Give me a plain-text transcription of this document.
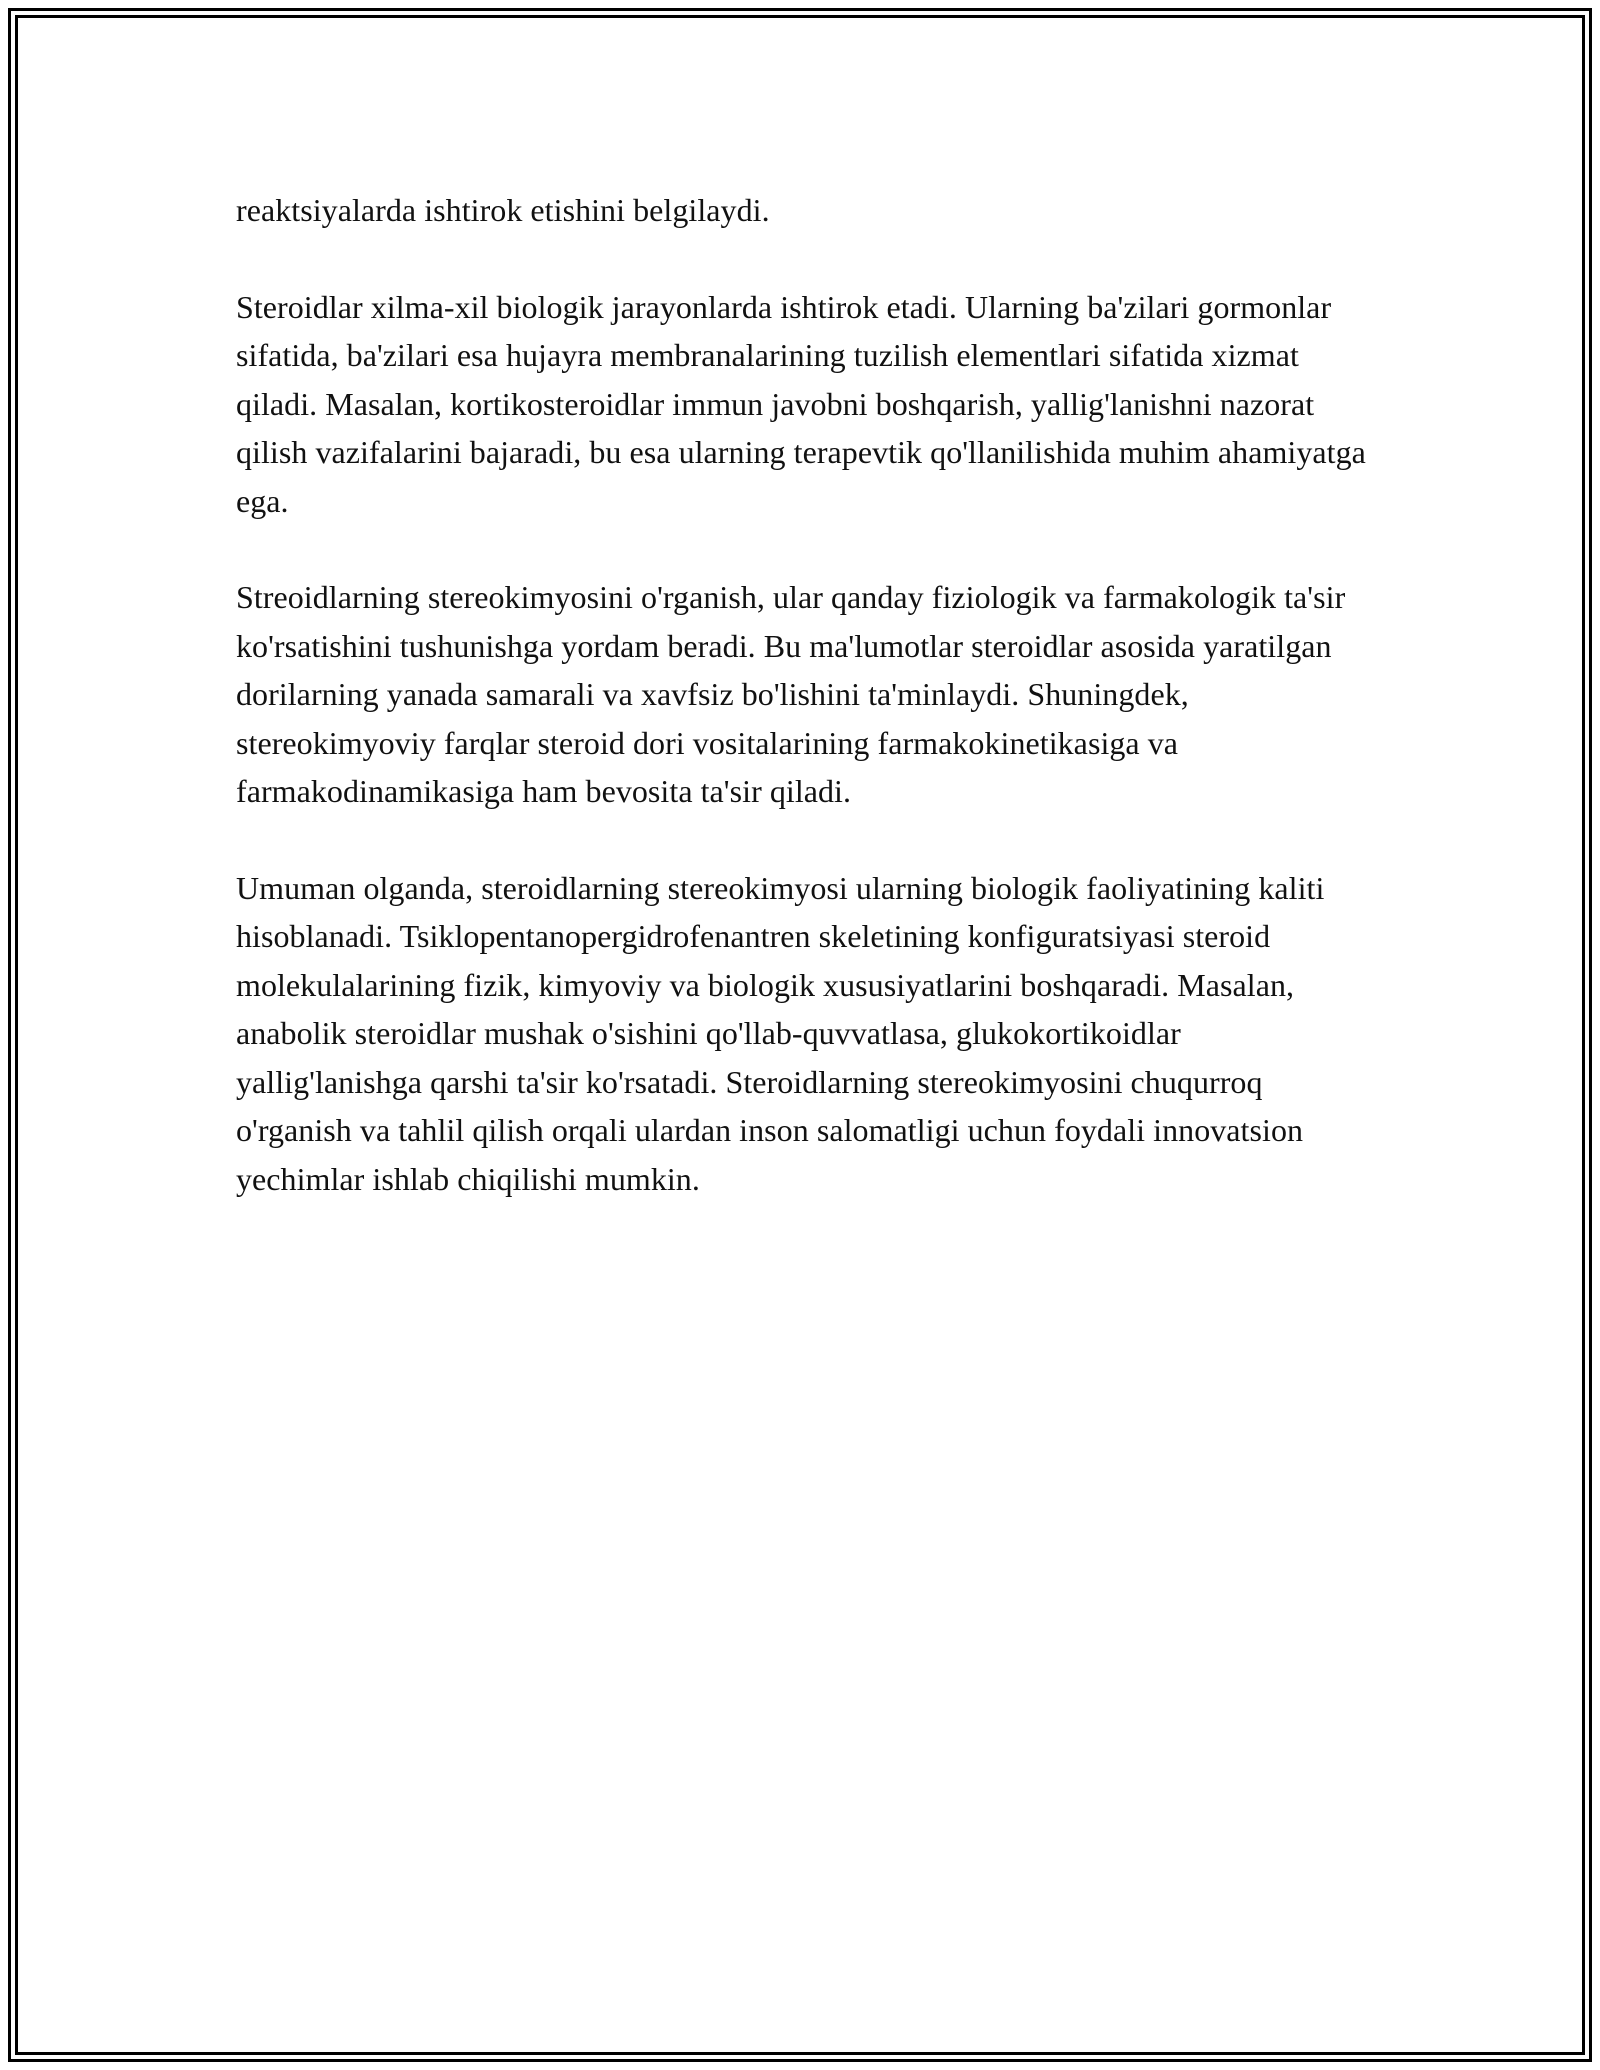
reaktsiyalarda ishtirok etishini belgilaydi.

Steroidlar xilma-xil biologik jarayonlarda ishtirok etadi. Ularning ba'zilari gormonlar sifatida, ba'zilari esa hujayra membranalarining tuzilish elementlari sifatida xizmat qiladi. Masalan, kortikosteroidlar immun javobni boshqarish, yallig'lanishni nazorat qilish vazifalarini bajaradi, bu esa ularning terapevtik qo'llanilishida muhim ahamiyatga ega.

Streoidlarning stereokimyosini o'rganish, ular qanday fiziologik va farmakologik ta'sir ko'rsatishini tushunishga yordam beradi. Bu ma'lumotlar steroidlar asosida yaratilgan dorilarning yanada samarali va xavfsiz bo'lishini ta'minlaydi. Shuningdek, stereokimyoviy farqlar steroid dori vositalarining farmakokinetikasiga va farmakodinamikasiga ham bevosita ta'sir qiladi.

Umuman olganda, steroidlarning stereokimyosi ularning biologik faoliyatining kaliti hisoblanadi. Tsiklopentanopergidrofenantren skeletining konfiguratsiyasi steroid molekulalarining fizik, kimyoviy va biologik xususiyatlarini boshqaradi. Masalan, anabolik steroidlar mushak o'sishini qo'llab-quvvatlasa, glukokortikoidlar yallig'lanishga qarshi ta'sir ko'rsatadi. Steroidlarning stereokimyosini chuqurroq o'rganish va tahlil qilish orqali ulardan inson salomatligi uchun foydali innovatsion yechimlar ishlab chiqilishi mumkin.
